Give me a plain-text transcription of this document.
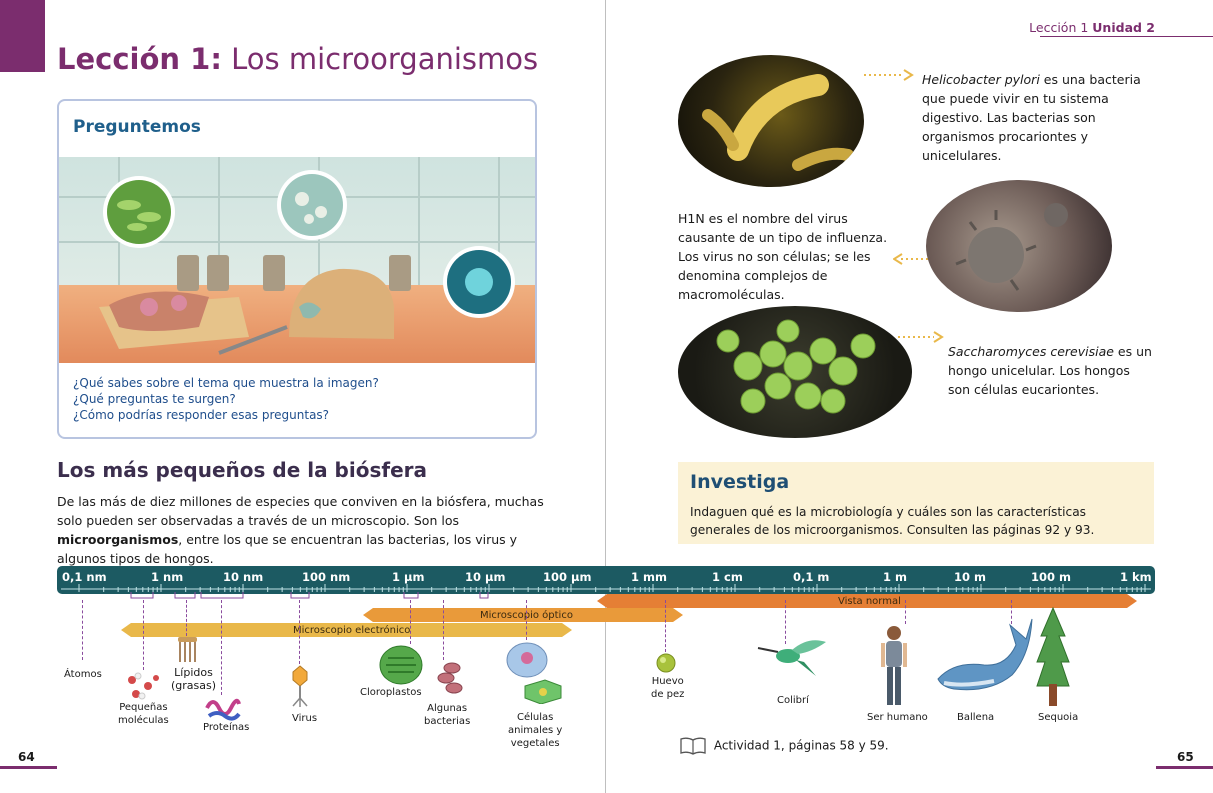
Lección 1: Los microorganismos
Lección 1 Unidad 2
Preguntemos
¿Qué sabes sobre el tema que muestra la imagen?
¿Qué preguntas te surgen?
¿Cómo podrías responder esas preguntas?
Los más pequeños de la biósfera
De las más de diez millones de especies que conviven en la biósfera, muchas solo pueden ser observadas a través de un microscopio. Son los microorganismos, entre los que se encuentran las bacterias, los virus y algunos tipos de hongos.
Helicobacter pylori es una bacteria que puede vivir en tu sistema digestivo. Las bacterias son organismos procariontes y unicelulares.
H1N es el nombre del virus causante de un tipo de influenza. Los virus no son células; se les denomina complejos de macromoléculas.
Saccharomyces cerevisiae es un hongo unicelular. Los hongos son células eucariontes.
Investiga
Indaguen qué es la microbiología y cuáles son las características generales de los microorganismos. Consulten las páginas 92 y 93.
0,1 nm	1 nm	10 nm	100 nm	1 µm	10 µm	100 µm	1 mm	1 cm	0,1 m	1 m	10 m	100 m	1 km
Vista normal
Microscopio óptico
Microscopio electrónico
Átomos
Pequeñas
moléculas
Lípidos
(grasas)
Proteínas
Virus
Cloroplastos
Algunas
bacterias	Células
animales y
vegetales
Huevo
de pez
Colibrí
Ser humano	Ballena	Sequoia
Actividad 1, páginas 58 y 59.
64	65
